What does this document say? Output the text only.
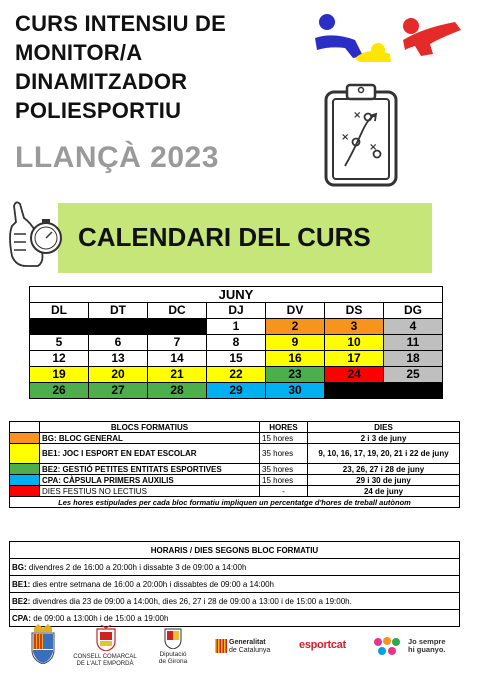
CURS INTENSIU DE
MONITOR/A
DINAMITZADOR
POLIESPORTIU
LLANÇÀ 2023
×
×
×
CALENDARI DEL CURS
JUNY						
DL	DT	DC	DJ	DV	DS	DG
			1	2	3	4
5	6	7	8	9	10	11
12	13	14	15	16	17	18
19	20	21	22	23	24	25
26	27	28	29	30		
	BLOCS FORMATIUS	HORES	DIES
	BG: BLOC GENERAL	15 hores	2 i 3 de juny
	BE1: JOC I ESPORT EN EDAT ESCOLAR	35 hores	9, 10, 16, 17, 19, 20, 21 i 22 de juny
	BE2: GESTIÓ PETITES ENTITATS ESPORTIVES	35 hores	23, 26, 27 i 28 de juny
	CPA: CÀPSULA PRIMERS AUXILIS	15 hores	29 i 30 de juny
	DIES FESTIUS NO LECTIUS	-	24 de juny
Les hores estipulades per cada bloc formatiu impliquen un percentatge d'hores de treball autònom			
HORARIS / DIES SEGONS BLOC FORMATIU
BG: divendres 2 de 16:00 a 20:00h i dissabte 3 de 09:00 a 14:00h
BE1: dies entre setmana de 16:00 a 20:00h i dissabtes de 09:00 a 14:00h
BE2: divendres dia 23 de 09:00 a 14:00h, dies 26, 27 i 28 de 09:00 a 13:00 i de 15:00 a 19:00h.
CPA: de 09:00 a 13:00h i de 15:00 a 19:00h
CONSELL COMARCAL
DE L'ALT EMPORDÀ
Diputació
de Girona
Generalitat
de Catalunya	esportcat	Jo sempre
hi guanyo.
